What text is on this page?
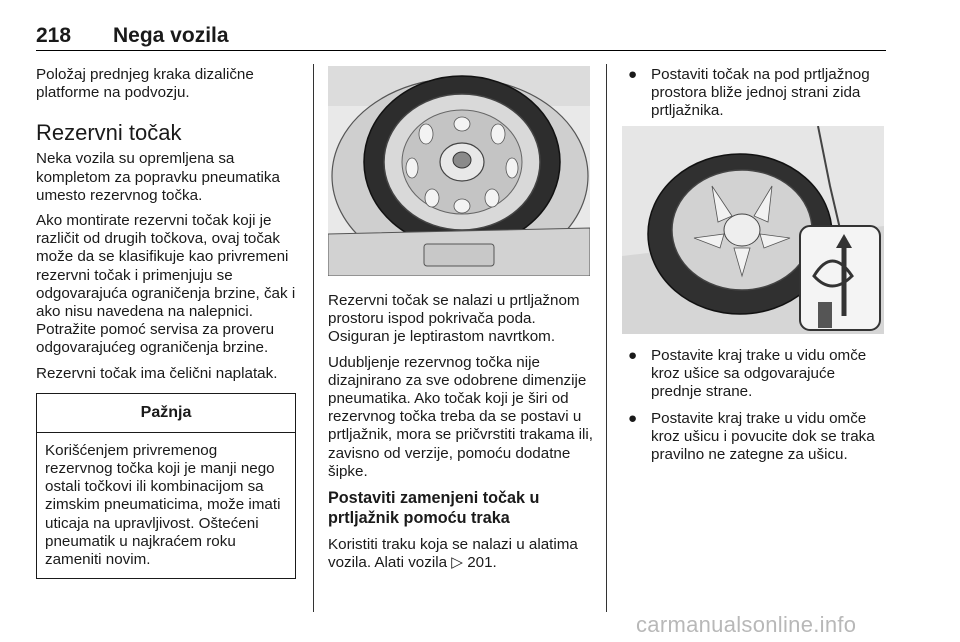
218 Nega vozila

Položaj prednjeg kraka dizalične platforme na podvozju.

Rezervni točak

Neka vozila su opremljena sa kompletom za popravku pneumatika umesto rezervnog točka.

Ako montirate rezervni točak koji je različit od drugih točkova, ovaj točak može da se klasifikuje kao privremeni rezervni točak i primenjuju se odgovarajuća ograničenja brzine, čak i ako nisu navedena na nalepnici. Potražite pomoć servisa za proveru odgovarajućeg ograničenja brzine.

Rezervni točak ima čelični naplatak.

Pažnja
Korišćenjem privremenog rezervnog točka koji je manji nego ostali točkovi ili kombinacijom sa zimskim pneumaticima, može imati uticaja na upravljivost. Oštećeni pneumatik u najkraćem roku zameniti novim.

Rezervni točak se nalazi u prtljažnom prostoru ispod pokrivača poda. Osiguran je leptirastom navrtkom.

Udubljenje rezervnog točka nije dizajnirano za sve odobrene dimenzije pneumatika. Ako točak koji je širi od rezervnog točka treba da se postavi u prtljažnik, mora se pričvrstiti trakama ili, zavisno od verzije, pomoću dodatne šipke.

Postaviti zamenjeni točak u prtljažnik pomoću traka

Koristiti traku koja se nalazi u alatima vozila. Alati vozila ▷ 201.

● Postaviti točak na pod prtljažnog prostora bliže jednoj strani zida prtljažnika.
● Postavite kraj trake u vidu omče kroz ušice sa odgovarajuće prednje strane.
● Postavite kraj trake u vidu omče kroz ušicu i povucite dok se traka pravilno ne zategne za ušicu.
carmanualsonline.info
